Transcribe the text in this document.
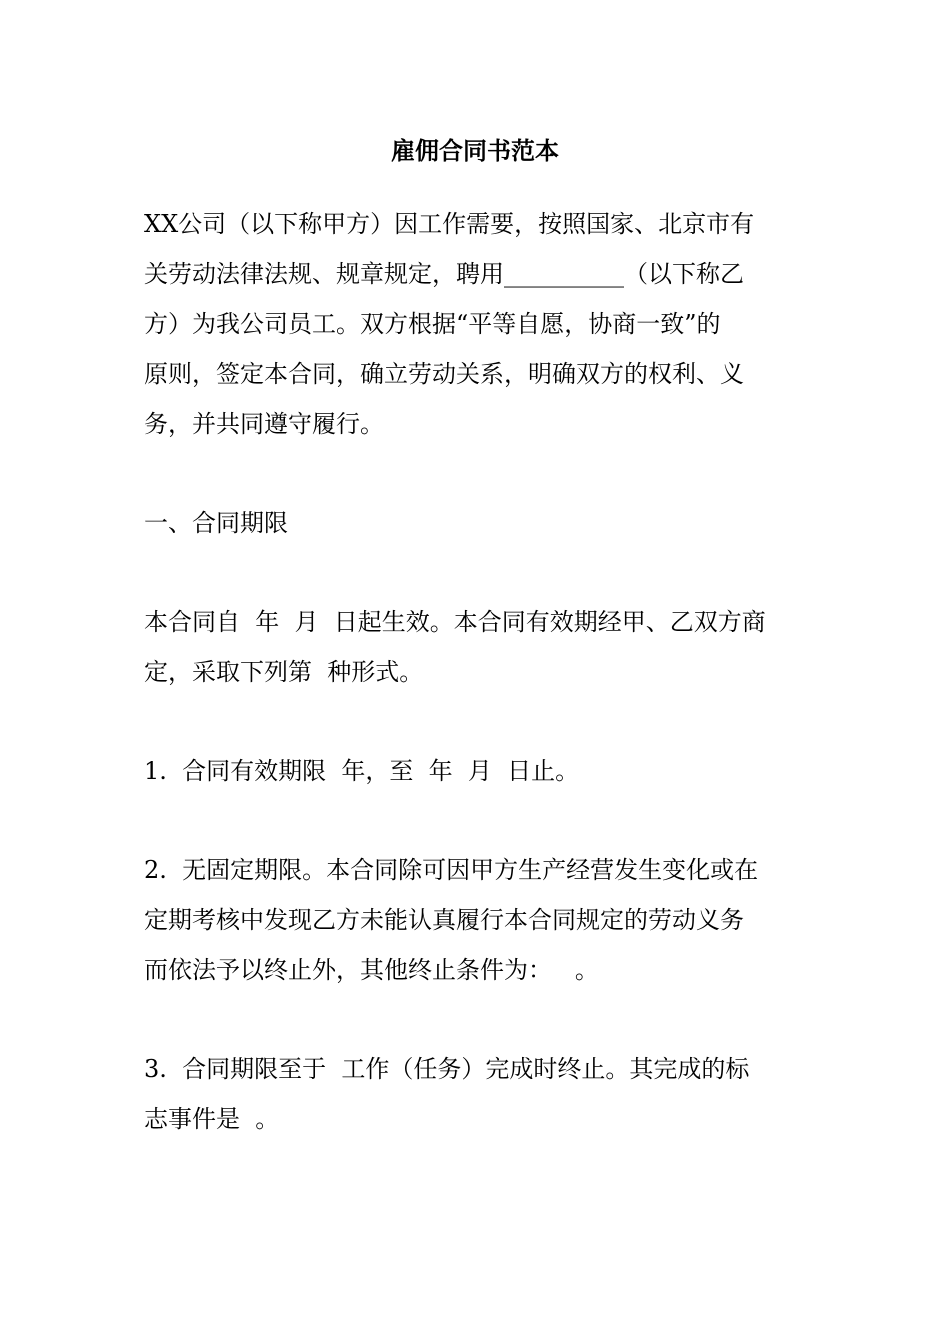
雇佣合同书范本
XX公司（以下称甲方）因工作需要，按照国家、北京市有
关劳动法律法规、规章规定，聘用__________（以下称乙
方）为我公司员工。双方根据“平等自愿，协商一致”的
原则，签定本合同，确立劳动关系，明确双方的权利、义
务，并共同遵守履行。
一、合同期限
本合同自  年  月  日起生效。本合同有效期经甲、乙双方商
定，采取下列第  种形式。
1.  合同有效期限  年，至  年  月  日止。
2.  无固定期限。本合同除可因甲方生产经营发生变化或在
定期考核中发现乙方未能认真履行本合同规定的劳动义务
而依法予以终止外，其他终止条件为：   。
3.  合同期限至于  工作（任务）完成时终止。其完成的标
志事件是  。
